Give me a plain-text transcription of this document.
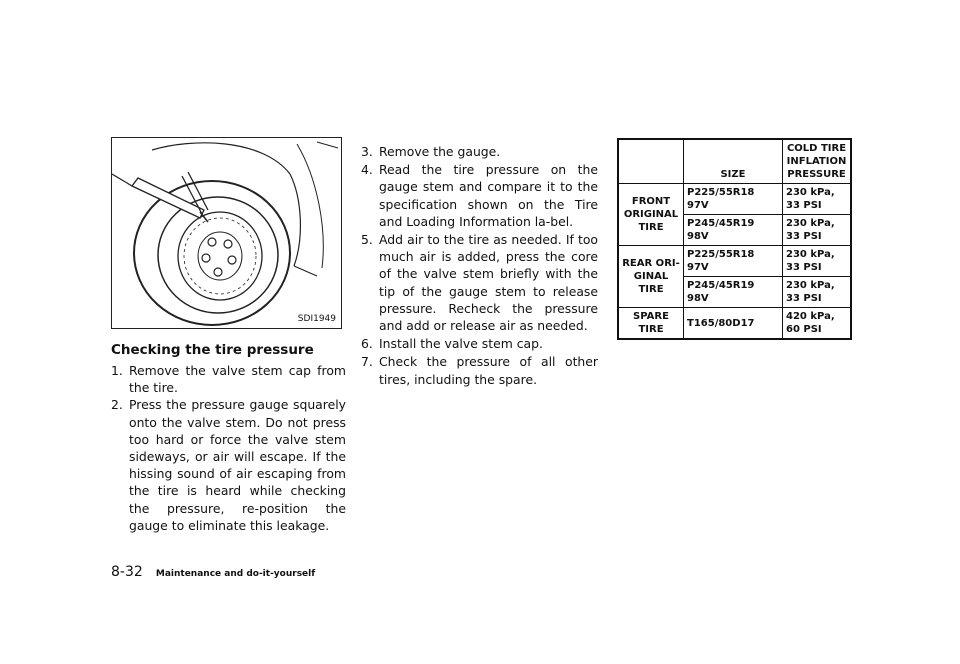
SDI1949
Checking the tire pressure
1. Remove the valve stem cap from the tire.
2. Press the pressure gauge squarely onto the valve stem. Do not press too hard or force the valve stem sideways, or air will escape. If the hissing sound of air escaping from the tire is heard while checking the pressure, re-position the gauge to eliminate this leakage.
3. Remove the gauge.
4. Read the tire pressure on the gauge stem and compare it to the specification shown on the Tire and Loading Information la-bel.
5. Add air to the tire as needed. If too much air is added, press the core of the valve stem briefly with the tip of the gauge stem to release pressure. Recheck the pressure and add or release air as needed.
6. Install the valve stem cap.
7. Check the pressure of all other tires, including the spare.
	SIZE	COLD TIRE INFLATION PRESSURE
FRONT ORIGINAL TIRE	P225/55R18 97V	230 kPa, 33 PSI
	P245/45R19 98V	230 kPa, 33 PSI
REAR ORI-GINAL TIRE	P225/55R18 97V	230 kPa, 33 PSI
	P245/45R19 98V	230 kPa, 33 PSI
SPARE TIRE	T165/80D17	420 kPa, 60 PSI
8-32 Maintenance and do-it-yourself
